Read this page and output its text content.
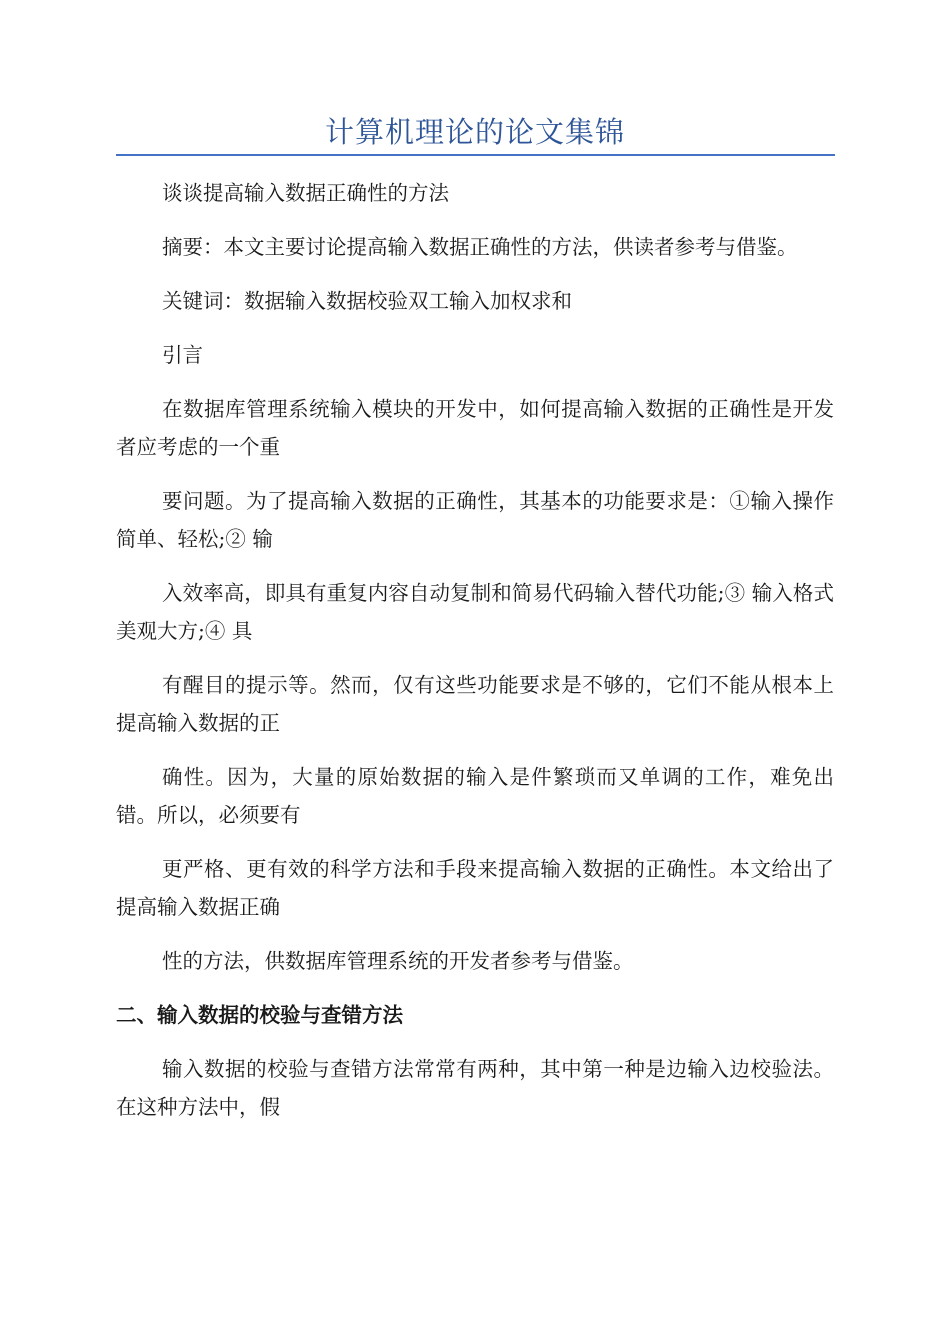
计算机理论的论文集锦

谈谈提高输入数据正确性的方法

摘要：本文主要讨论提高输入数据正确性的方法，供读者参考与借鉴。

关键词：数据输入数据校验双工输入加权求和

引言

在数据库管理系统输入模块的开发中，如何提高输入数据的正确性是开发者应考虑的一个重

要问题。为了提高输入数据的正确性，其基本的功能要求是：①输入操作简单、轻松;② 输

入效率高，即具有重复内容自动复制和简易代码输入替代功能;③ 输入格式美观大方;④ 具

有醒目的提示等。然而，仅有这些功能要求是不够的，它们不能从根本上提高输入数据的正

确性。因为，大量的原始数据的输入是件繁琐而又单调的工作，难免出错。所以，必须要有

更严格、更有效的科学方法和手段来提高输入数据的正确性。本文给出了提高输入数据正确

性的方法，供数据库管理系统的开发者参考与借鉴。

二、输入数据的校验与查错方法

输入数据的校验与查错方法常常有两种，其中第一种是边输入边校验法。在这种方法中，假
